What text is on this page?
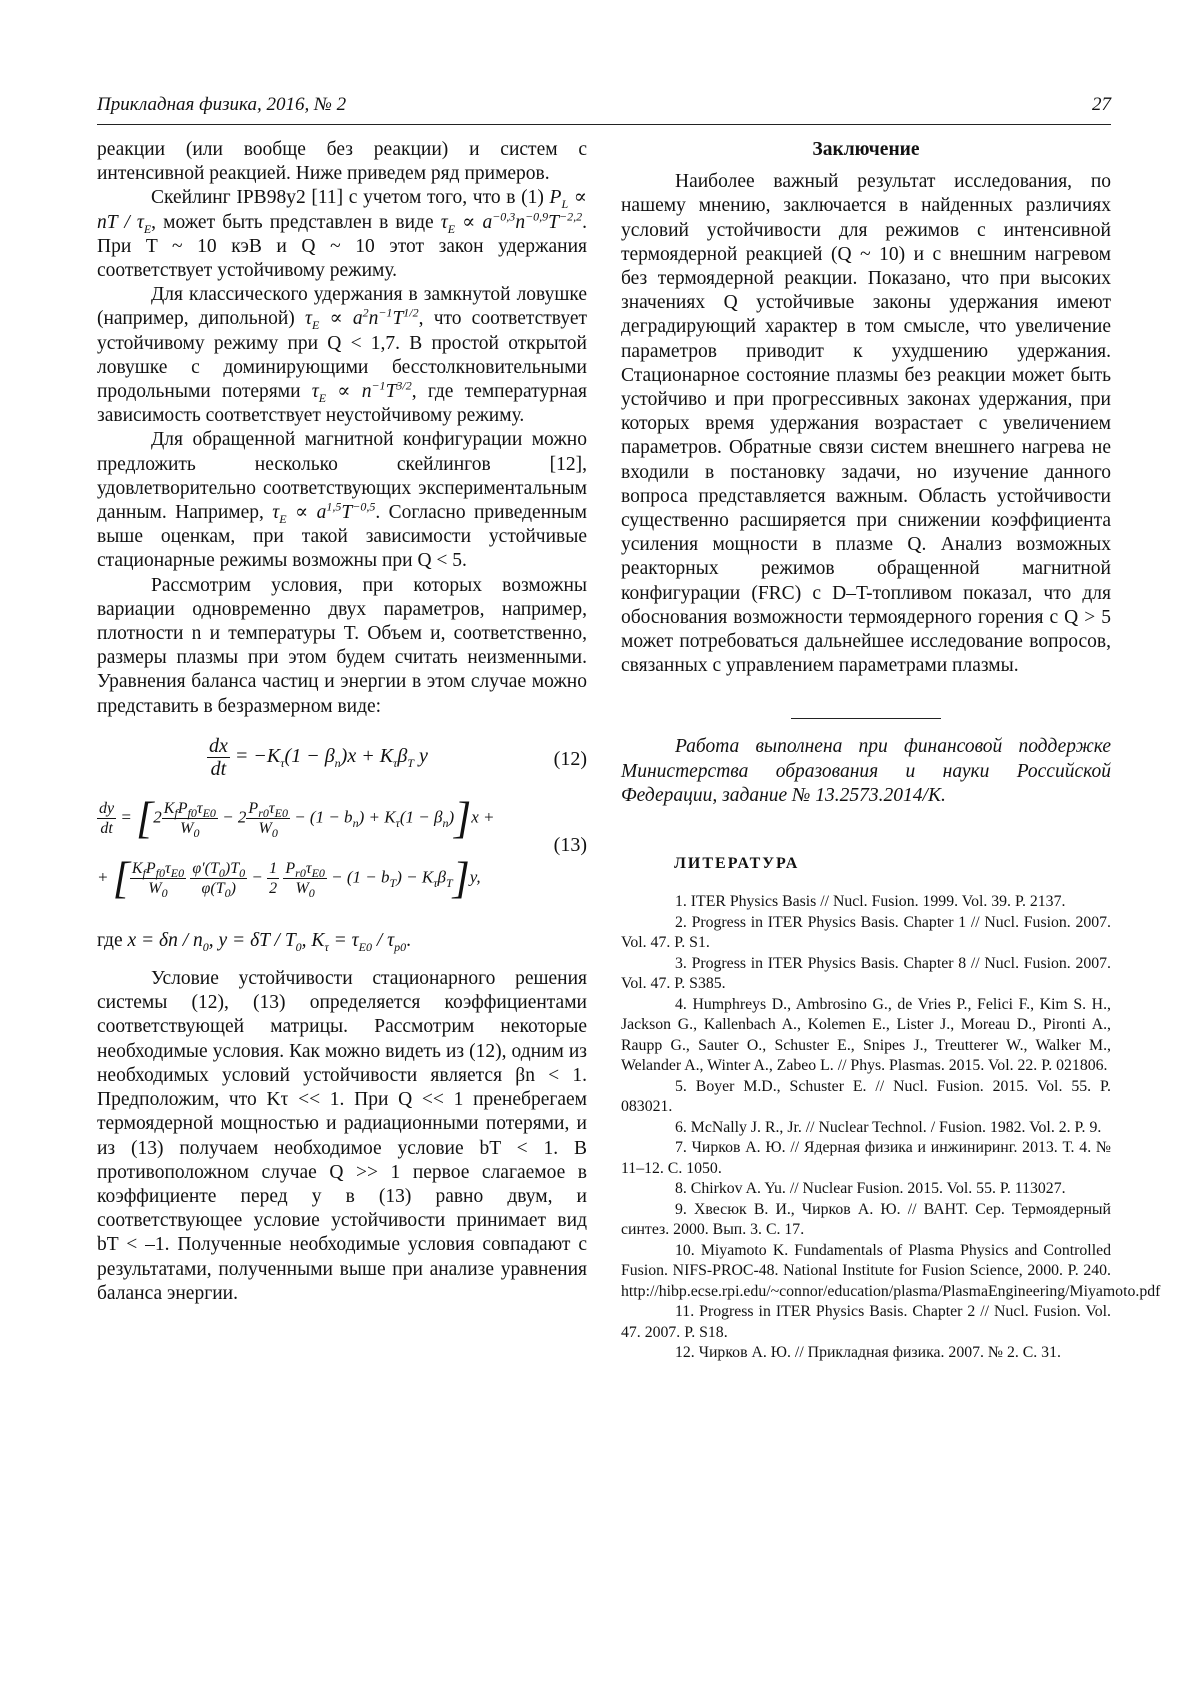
Прикладная физика, 2016, № 2	27

реакции (или вообще без реакции) и систем с интенсивной реакцией. Ниже приведем ряд примеров.

Скейлинг IPB98y2 [11] с учетом того, что в (1) $P_L$ ∝ nT / $\tau_E$, может быть представлен в виде $\tau_E \propto a^{-0,3}n^{-0,9}T^{-2,2}$. При T ~ 10 кэВ и Q ~ 10 этот закон удержания соответствует устойчивому режиму.

Для классического удержания в замкнутой ловушке (например, дипольной) $\tau_E \propto a^2n^{-1}T^{1/2}$, что соответствует устойчивому режиму при Q < 1,7. В простой открытой ловушке с доминирующими бесстолкновительными продольными потерями $\tau_E \propto n^{-1}T^{3/2}$, где температурная зависимость соответствует неустойчивому режиму.

Для обращенной магнитной конфигурации можно предложить несколько скейлингов [12], удовлетворительно соответствующих экспериментальным данным. Например, $\tau_E \propto a^{1,5}T^{-0,5}$. Согласно приведенным выше оценкам, при такой зависимости устойчивые стационарные режимы возможны при Q < 5.

Рассмотрим условия, при которых возможны вариации одновременно двух параметров, например, плотности n и температуры T. Объем и, соответственно, размеры плазмы при этом будем считать неизменными. Уравнения баланса частиц и энергии в этом случае можно представить в безразмерном виде:

$\frac{dx}{dt} = -K_\tau(1 - \beta_n)x + K_\tau\beta_T$ y	(12)
$\frac{dy}{dt} = [2 \frac{K_fP_{f0}\tau_{E0}}{W_0} - 2 \frac{P_{r0}\tau_{E0}}{W_0} - (1 - b_n) + K_\tau(1 - \beta_n)]x$ +
+ [ $\frac{K_fP_{f0}\tau_{E0}}{W_0}$
$\frac{\varphi'(T_0)T_0}{\varphi(T_0)} - \frac{1}{2}$
$\frac{P_{r0}\tau_{E0}}{W_0} - (1 - b_T) - K_\tau\beta_T]y$,
(13)

где $x = \delta n / n_0$, $y = \delta T / T_0$, $K_\tau = \tau_{E0} / \tau_{p0}$.

Условие устойчивости стационарного решения системы (12), (13) определяется коэффициентами соответствующей матрицы. Рассмотрим некоторые необходимые условия. Как можно видеть из (12), одним из необходимых условий устойчивости является βn < 1. Предположим, что Kτ << 1. При Q << 1 пренебрегаем термоядерной мощностью и радиационными потерями, и из (13) получаем необходимое условие bT < 1. В противоположном случае Q >> 1 первое слагаемое в коэффициенте перед y в (13) равно двум, и соответствующее условие устойчивости принимает вид bT < –1. Полученные необходимые условия совпадают с результатами, полученными выше при анализе уравнения баланса энергии.

Заключение

Наиболее важный результат исследования, по нашему мнению, заключается в найденных различиях условий устойчивости для режимов с интенсивной термоядерной реакцией (Q ~ 10) и с внешним нагревом без термоядерной реакции. Показано, что при высоких значениях Q устойчивые законы удержания имеют деградирующий характер в том смысле, что увеличение параметров приводит к ухудшению удержания. Стационарное состояние плазмы без реакции может быть устойчиво и при прогрессивных законах удержания, при которых время удержания возрастает с увеличением параметров. Обратные связи систем внешнего нагрева не входили в постановку задачи, но изучение данного вопроса представляется важным. Область устойчивости существенно расширяется при снижении коэффициента усиления мощности в плазме Q. Анализ возможных реакторных режимов обращенной магнитной конфигурации (FRC) с D–T-топливом показал, что для обоснования возможности термоядерного горения с Q > 5 может потребоваться дальнейшее исследование вопросов, связанных с управлением параметрами плазмы.

Работа выполнена при финансовой поддержке Министерства образования и науки Российской Федерации, задание № 13.2573.2014/K.

ЛИТЕРАТУРА

1. ITER Physics Basis // Nucl. Fusion. 1999. Vol. 39. P. 2137.

2. Progress in ITER Physics Basis. Chapter 1 // Nucl. Fusion. 2007. Vol. 47. P. S1.

3. Progress in ITER Physics Basis. Chapter 8 // Nucl. Fusion. 2007. Vol. 47. P. S385.

4. Humphreys D., Ambrosino G., de Vries P., Felici F., Kim S. H., Jackson G., Kallenbach A., Kolemen E., Lister J., Moreau D., Pironti A., Raupp G., Sauter O., Schuster E., Snipes J., Treutterer W., Walker M., Welander A., Winter A., Zabeo L. // Phys. Plasmas. 2015. Vol. 22. P. 021806.

5. Boyer M.D., Schuster E. // Nucl. Fusion. 2015. Vol. 55. P. 083021.

6. McNally J. R., Jr. // Nuclear Technol. / Fusion. 1982. Vol. 2. P. 9.

7. Чирков А. Ю. // Ядерная физика и инжиниринг. 2013. Т. 4. № 11–12. С. 1050.

8. Chirkov A. Yu. // Nuclear Fusion. 2015. Vol. 55. P. 113027.

9. Хвесюк В. И., Чирков А. Ю. // ВАНТ. Сер. Термоядерный синтез. 2000. Вып. 3. С. 17.

10. Miyamoto K. Fundamentals of Plasma Physics and Controlled Fusion. NIFS-PROC-48. National Institute for Fusion Science, 2000. P. 240. http://hibp.ecse.rpi.edu/~connor/education/plasma/PlasmaEngineering/Miyamoto.pdf

11. Progress in ITER Physics Basis. Chapter 2 // Nucl. Fusion. Vol. 47. 2007. P. S18.

12. Чирков А. Ю. // Прикладная физика. 2007. № 2. С. 31.
